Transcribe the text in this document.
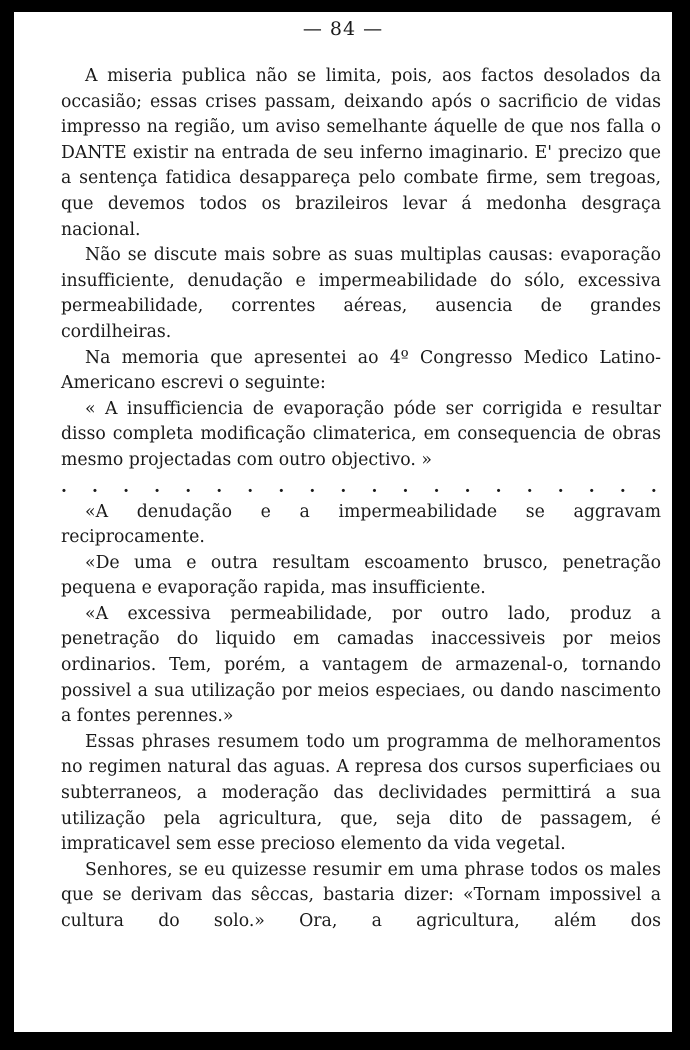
— 84 —

A miseria publica não se limita, pois, aos factos desolados da occasião; essas crises passam, deixando após o sacrificio de vidas impresso na região, um aviso semelhante áquelle de que nos falla o DANTE existir na entrada de seu inferno imaginario. E' precizo que a sentença fatidica desappareça pelo combate firme, sem tregoas, que devemos todos os brazileiros levar á medonha desgraça nacional.

Não se discute mais sobre as suas multiplas causas: evaporação insufficiente, denudação e impermeabilidade do sólo, excessiva permeabilidade, correntes aéreas, ausencia de grandes cordilheiras.

Na memoria que apresentei ao 4º Congresso Medico Latino-Americano escrevi o seguinte:

« A insufficiencia de evaporação póde ser corrigida e resultar disso completa modificação climaterica, em consequencia de obras mesmo projectadas com outro objectivo. »

. . . . . . . . . . . . . . . . . . . .

«A denudação e a impermeabilidade se aggravam reciprocamente.

«De uma e outra resultam escoamento brusco, penetração pequena e evaporação rapida, mas insufficiente.

«A excessiva permeabilidade, por outro lado, produz a penetração do liquido em camadas inaccessiveis por meios ordinarios. Tem, porém, a vantagem de armazenal-o, tornando possivel a sua utilização por meios especiaes, ou dando nascimento a fontes perennes.»

Essas phrases resumem todo um programma de melhoramentos no regimen natural das aguas. A represa dos cursos superficiaes ou subterraneos, a moderação das declividades permittirá a sua utilização pela agricultura, que, seja dito de passagem, é impraticavel sem esse precioso elemento da vida vegetal.

Senhores, se eu quizesse resumir em uma phrase todos os males que se derivam das sêccas, bastaria dizer: «Tornam impossivel a cultura do solo.» Ora, a agricultura, além dos
